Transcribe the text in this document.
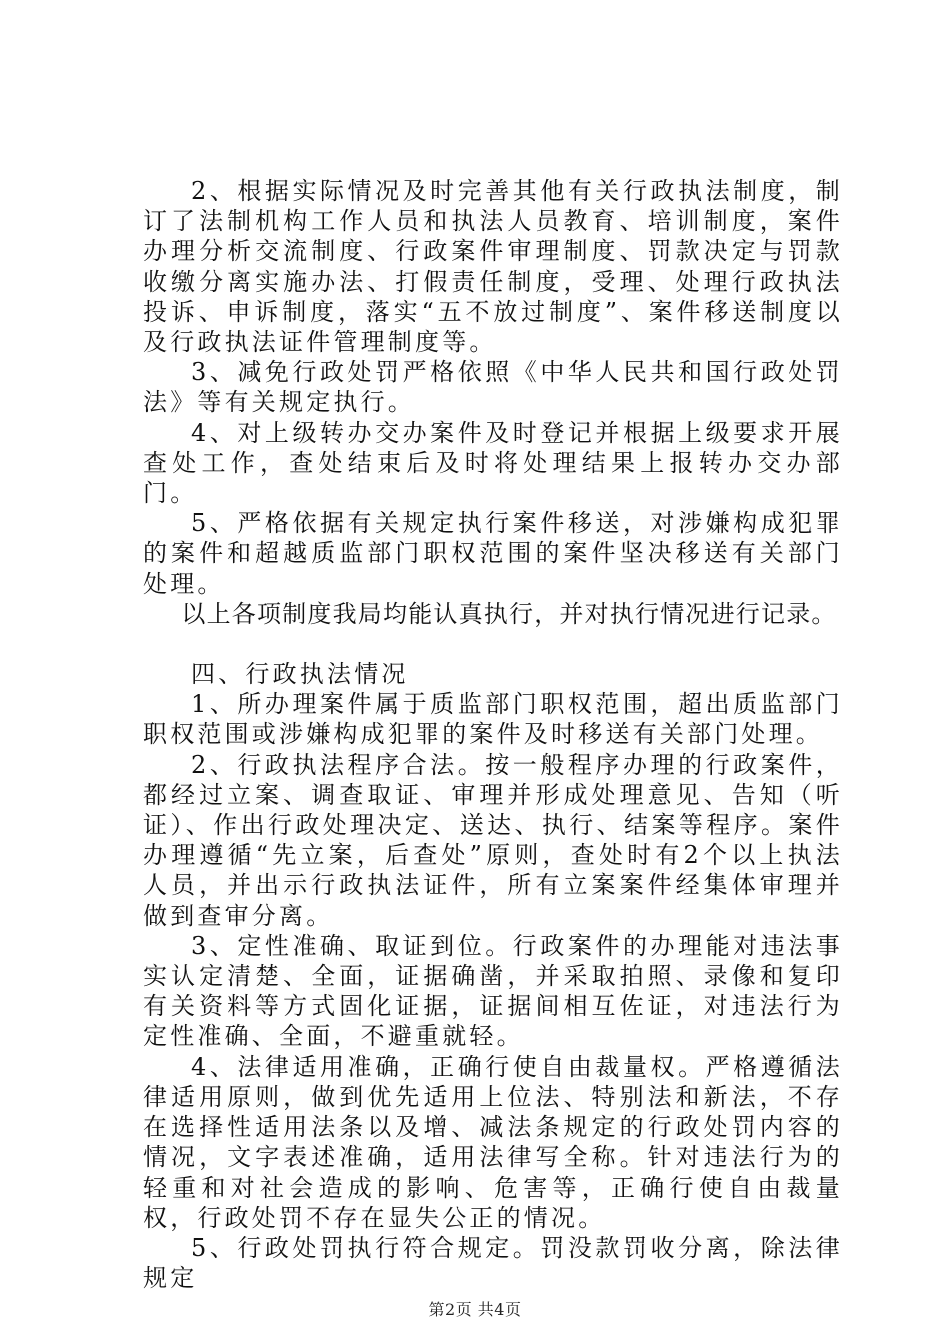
2、根据实际情况及时完善其他有关行政执法制度，制订了法制机构工作人员和执法人员教育、培训制度，案件办理分析交流制度、行政案件审理制度、罚款决定与罚款收缴分离实施办法、打假责任制度，受理、处理行政执法投诉、申诉制度，落实“五不放过制度”、案件移送制度以及行政执法证件管理制度等。

3、减免行政处罚严格依照《中华人民共和国行政处罚法》等有关规定执行。

4、对上级转办交办案件及时登记并根据上级要求开展查处工作，查处结束后及时将处理结果上报转办交办部门。

5、严格依据有关规定执行案件移送，对涉嫌构成犯罪的案件和超越质监部门职权范围的案件坚决移送有关部门处理。

以上各项制度我局均能认真执行，并对执行情况进行记录。

四、行政执法情况

1、所办理案件属于质监部门职权范围，超出质监部门职权范围或涉嫌构成犯罪的案件及时移送有关部门处理。

2、行政执法程序合法。按一般程序办理的行政案件，都经过立案、调查取证、审理并形成处理意见、告知（听证）、作出行政处理决定、送达、执行、结案等程序。案件办理遵循“先立案，后查处”原则，查处时有2个以上执法人员，并出示行政执法证件，所有立案案件经集体审理并做到查审分离。

3、定性准确、取证到位。行政案件的办理能对违法事实认定清楚、全面，证据确凿，并采取拍照、录像和复印有关资料等方式固化证据，证据间相互佐证，对违法行为定性准确、全面，不避重就轻。

4、法律适用准确，正确行使自由裁量权。严格遵循法律适用原则，做到优先适用上位法、特别法和新法，不存在选择性适用法条以及增、减法条规定的行政处罚内容的情况，文字表述准确，适用法律写全称。针对违法行为的轻重和对社会造成的影响、危害等，正确行使自由裁量权，行政处罚不存在显失公正的情况。

5、行政处罚执行符合规定。罚没款罚收分离，除法律规定

第2页 共4页
